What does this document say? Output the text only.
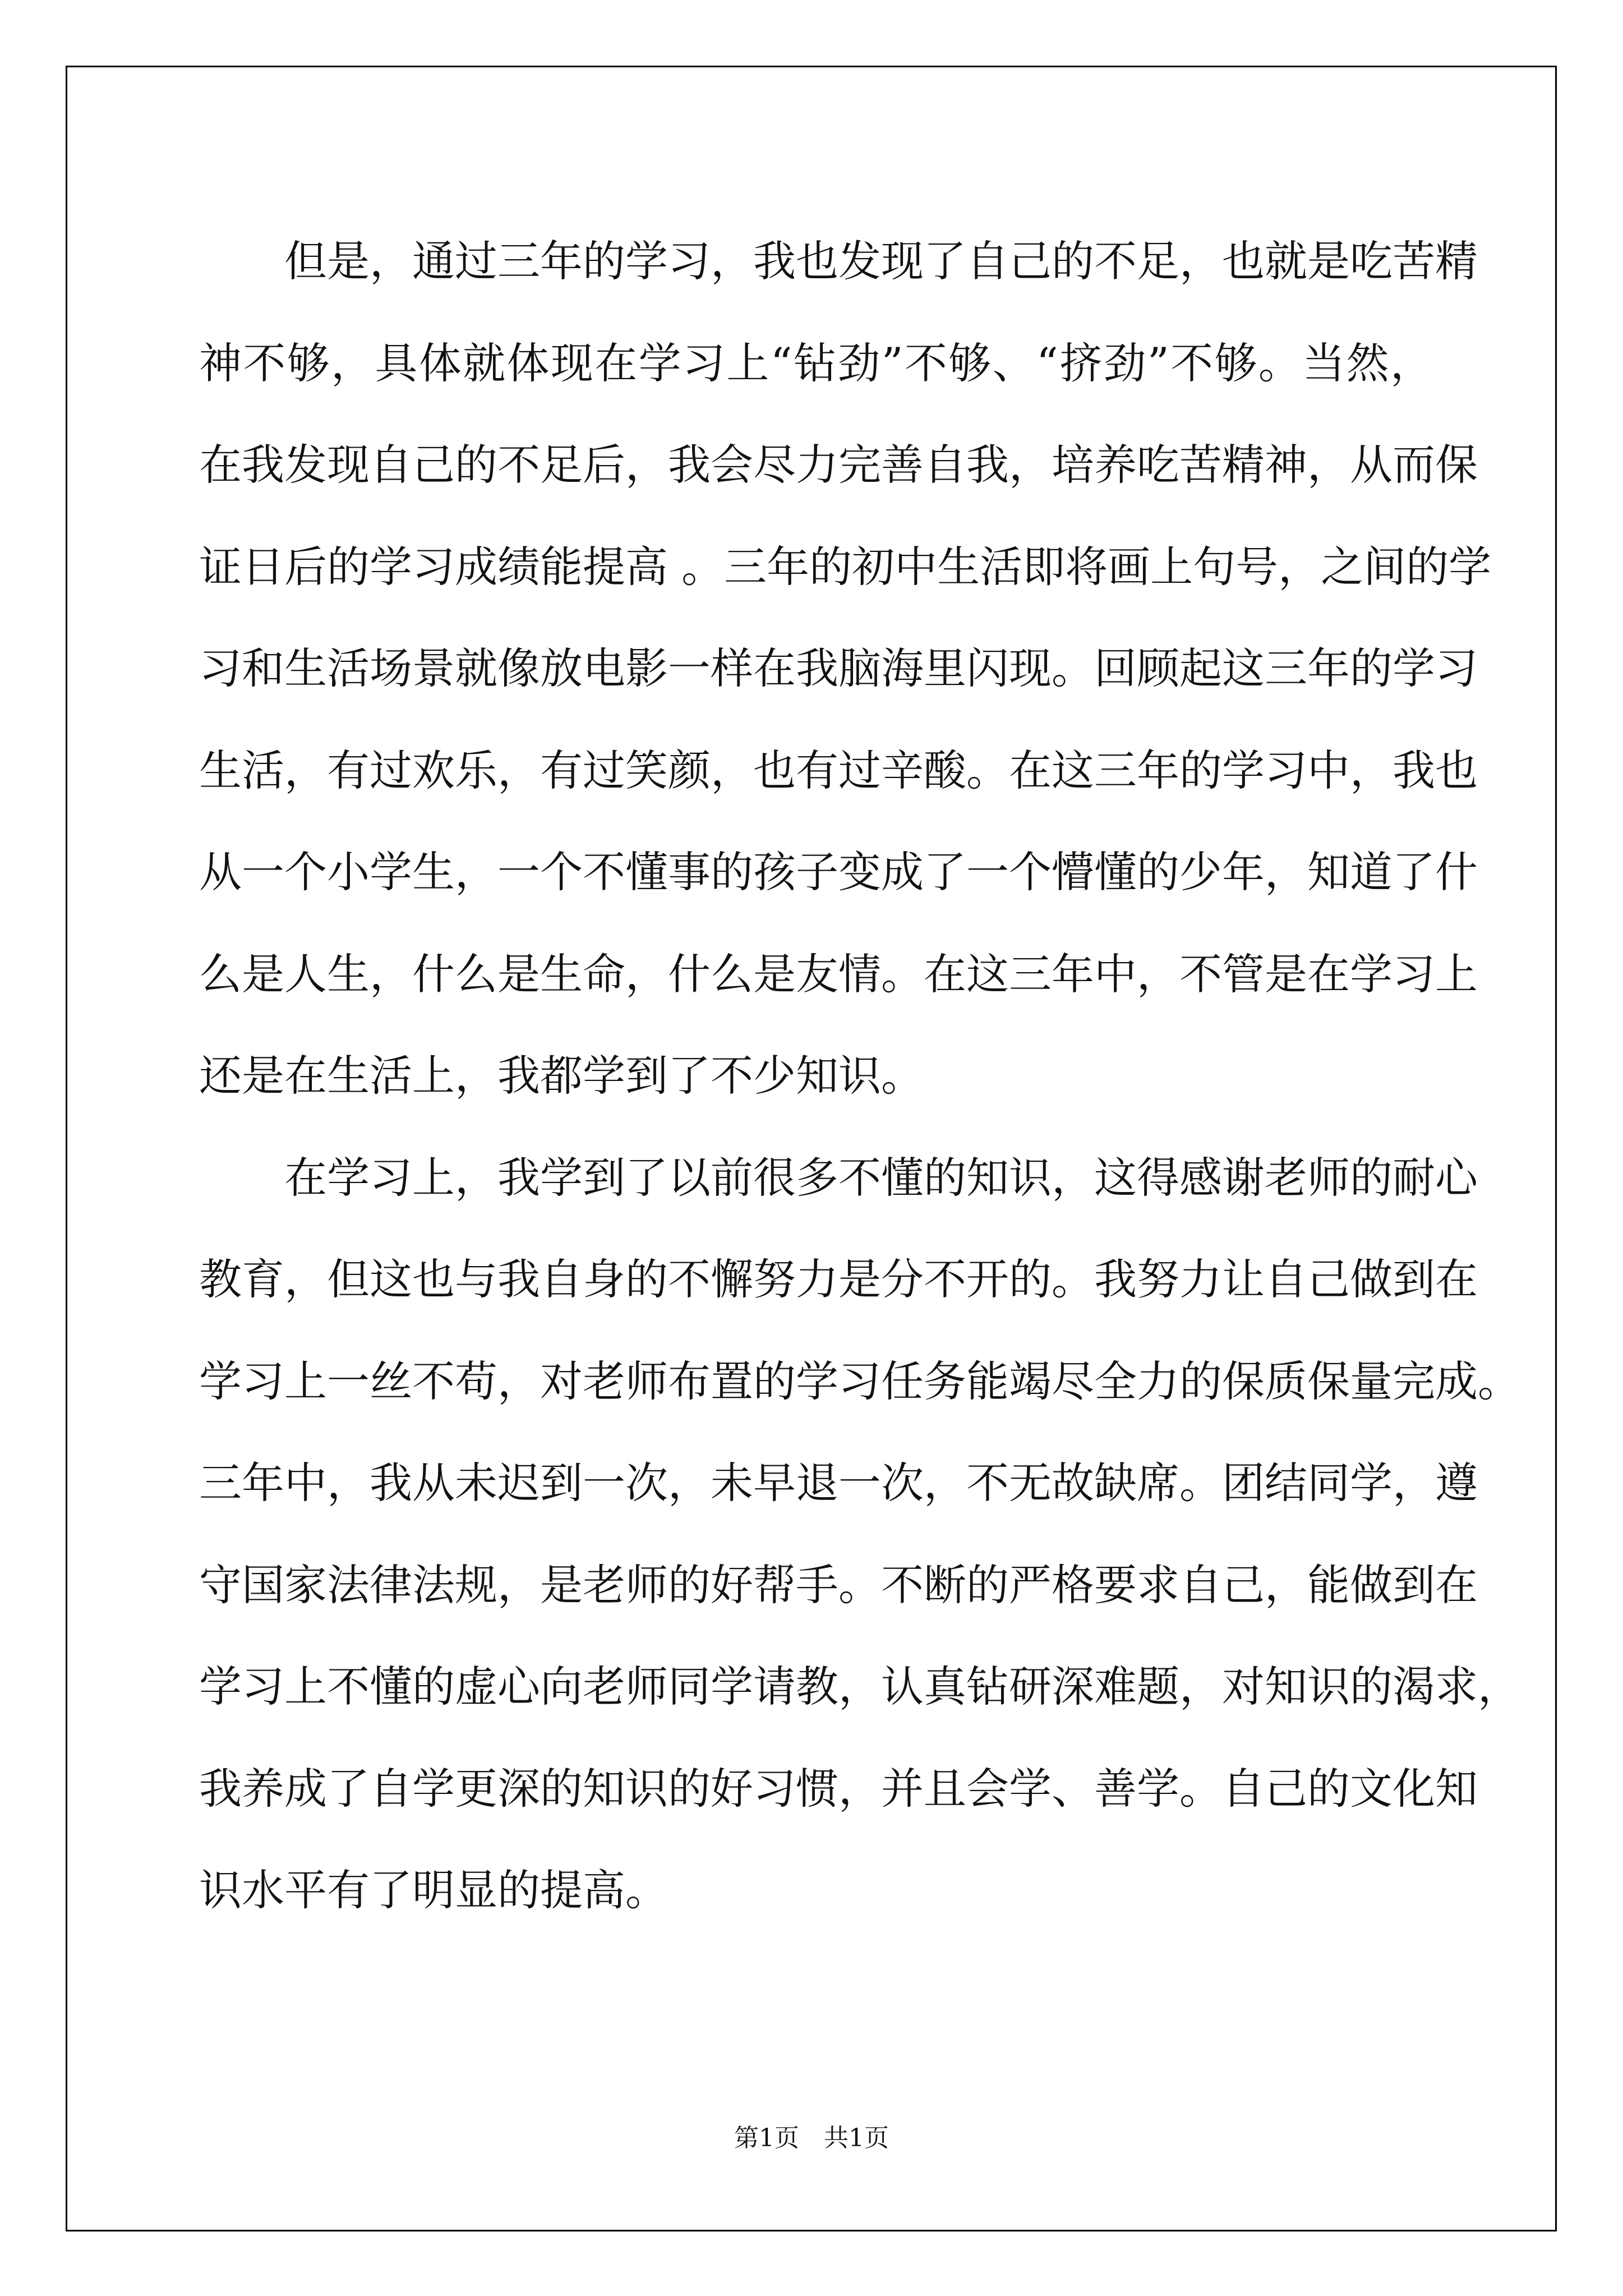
但是，通过三年的学习，我也发现了自己的不足，也就是吃苦精
神不够，具体就体现在学习上“钻劲”不够、“挤劲”不够。当然，
在我发现自己的不足后，我会尽力完善自我，培养吃苦精神，从而保
证日后的学习成绩能提高 。三年的初中生活即将画上句号，之间的学
习和生活场景就像放电影一样在我脑海里闪现。回顾起这三年的学习
生活，有过欢乐，有过笑颜，也有过辛酸。在这三年的学习中，我也
从一个小学生，一个不懂事的孩子变成了一个懵懂的少年，知道了什
么是人生，什么是生命，什么是友情。在这三年中，不管是在学习上
还是在生活上，我都学到了不少知识。
在学习上，我学到了以前很多不懂的知识，这得感谢老师的耐心
教育，但这也与我自身的不懈努力是分不开的。我努力让自己做到在
学习上一丝不苟，对老师布置的学习任务能竭尽全力的保质保量完成。
三年中，我从未迟到一次，未早退一次，不无故缺席。团结同学，遵
守国家法律法规，是老师的好帮手。不断的严格要求自己，能做到在
学习上不懂的虚心向老师同学请教，认真钻研深难题，对知识的渴求，
我养成了自学更深的知识的好习惯，并且会学、善学。自己的文化知
识水平有了明显的提高。
第1页　共1页
